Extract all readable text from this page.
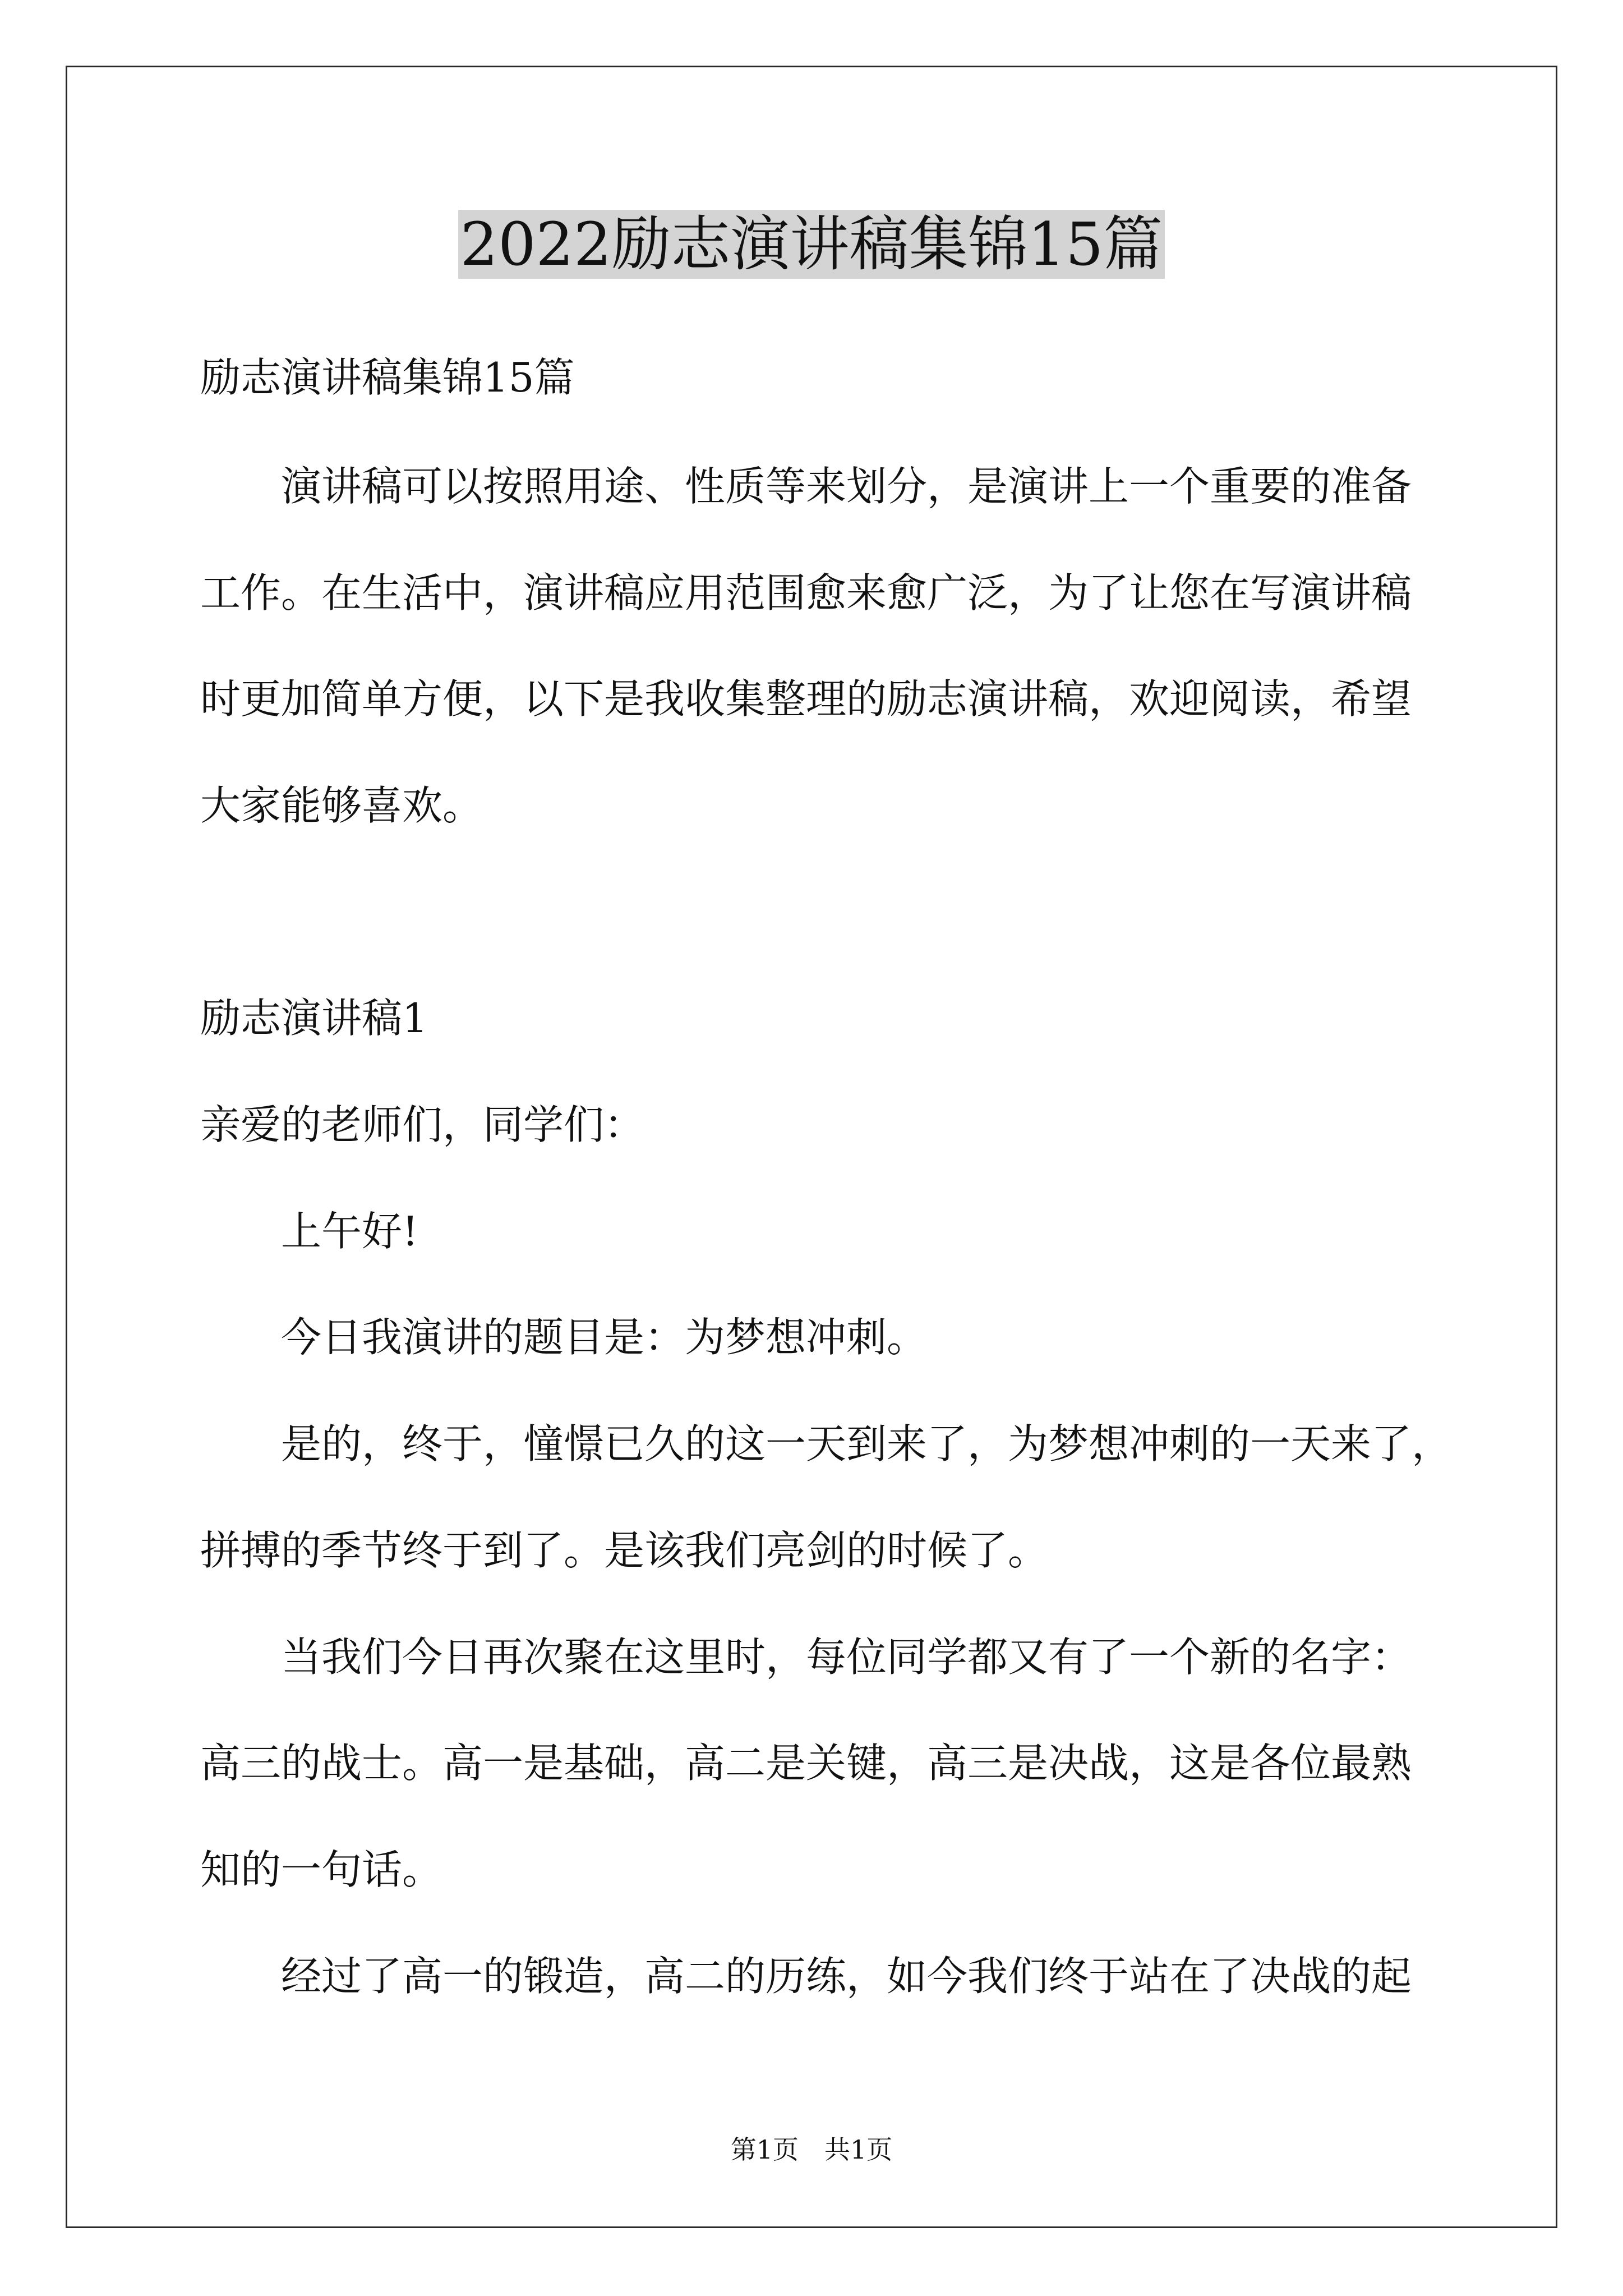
2022励志演讲稿集锦15篇
励志演讲稿集锦15篇
　　演讲稿可以按照用途、性质等来划分，是演讲上一个重要的准备
工作。在生活中，演讲稿应用范围愈来愈广泛，为了让您在写演讲稿
时更加简单方便，以下是我收集整理的励志演讲稿，欢迎阅读，希望
大家能够喜欢。
励志演讲稿1
亲爱的老师们，同学们：
　　上午好!
　　今日我演讲的题目是：为梦想冲刺。
　　是的，终于，憧憬已久的这一天到来了，为梦想冲刺的一天来了，
拼搏的季节终于到了。是该我们亮剑的时候了。
　　当我们今日再次聚在这里时，每位同学都又有了一个新的名字：
高三的战士。高一是基础，高二是关键，高三是决战，这是各位最熟
知的一句话。
　　经过了高一的锻造，高二的历练，如今我们终于站在了决战的起
第1页　共1页
